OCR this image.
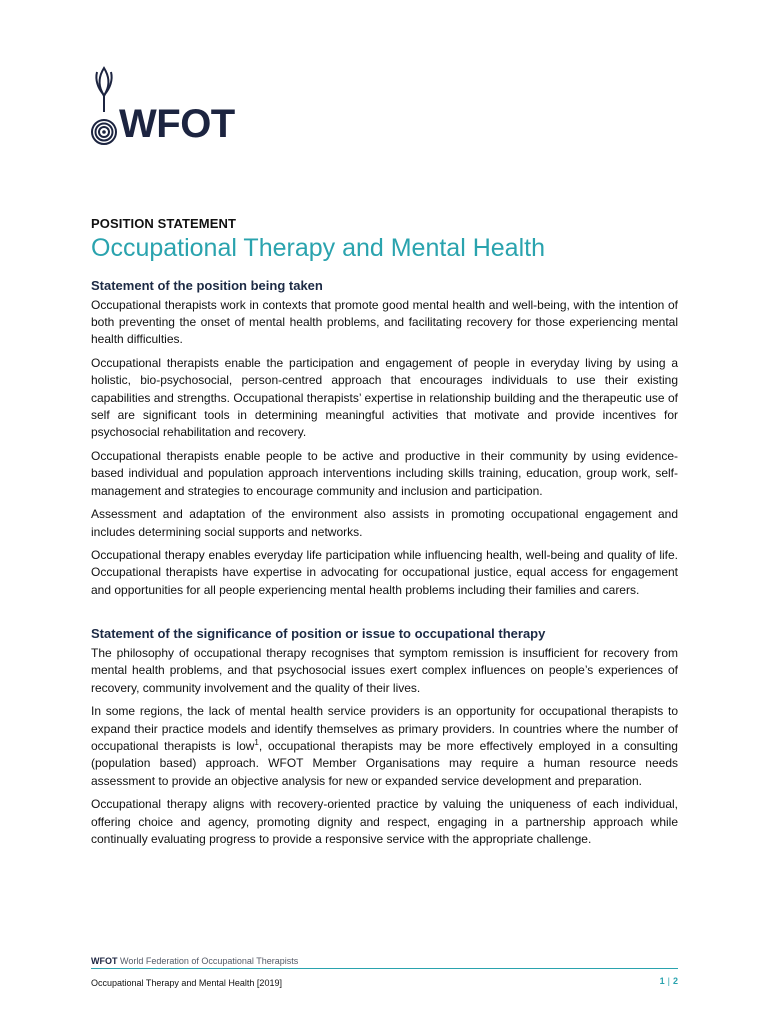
WFOT
POSITION STATEMENT
Occupational Therapy and Mental Health
Statement of the position being taken

Occupational therapists work in contexts that promote good mental health and well-being, with the intention of both preventing the onset of mental health problems, and facilitating recovery for those experiencing mental health difficulties.

Occupational therapists enable the participation and engagement of people in everyday living by using a holistic, bio-psychosocial, person-centred approach that encourages individuals to use their existing capabilities and strengths. Occupational therapists’ expertise in relationship building and the therapeutic use of self are significant tools in determining meaningful activities that motivate and provide incentives for psychosocial rehabilitation and recovery.

Occupational therapists enable people to be active and productive in their community by using evidence-based individual and population approach interventions including skills training, education, group work, self-management and strategies to encourage community and inclusion and participation.

Assessment and adaptation of the environment also assists in promoting occupational engagement and includes determining social supports and networks.

Occupational therapy enables everyday life participation while influencing health, well-being and quality of life. Occupational therapists have expertise in advocating for occupational justice, equal access for engagement and opportunities for all people experiencing mental health problems including their families and carers.

Statement of the significance of position or issue to occupational therapy

The philosophy of occupational therapy recognises that symptom remission is insufficient for recovery from mental health problems, and that psychosocial issues exert complex influences on people’s experiences of recovery, community involvement and the quality of their lives.

In some regions, the lack of mental health service providers is an opportunity for occupational therapists to expand their practice models and identify themselves as primary providers. In countries where the number of occupational therapists is low$^1$, occupational therapists may be more effectively employed in a consulting (population based) approach. WFOT Member Organisations may require a human resource needs assessment to provide an objective analysis for new or expanded service development and preparation.

Occupational therapy aligns with recovery-oriented practice by valuing the uniqueness of each individual, offering choice and agency, promoting dignity and respect, engaging in a partnership approach while continually evaluating progress to provide a responsive service with the appropriate challenge.

WFOT World Federation of Occupational Therapists
Occupational Therapy and Mental Health [2019]	1 | 2
